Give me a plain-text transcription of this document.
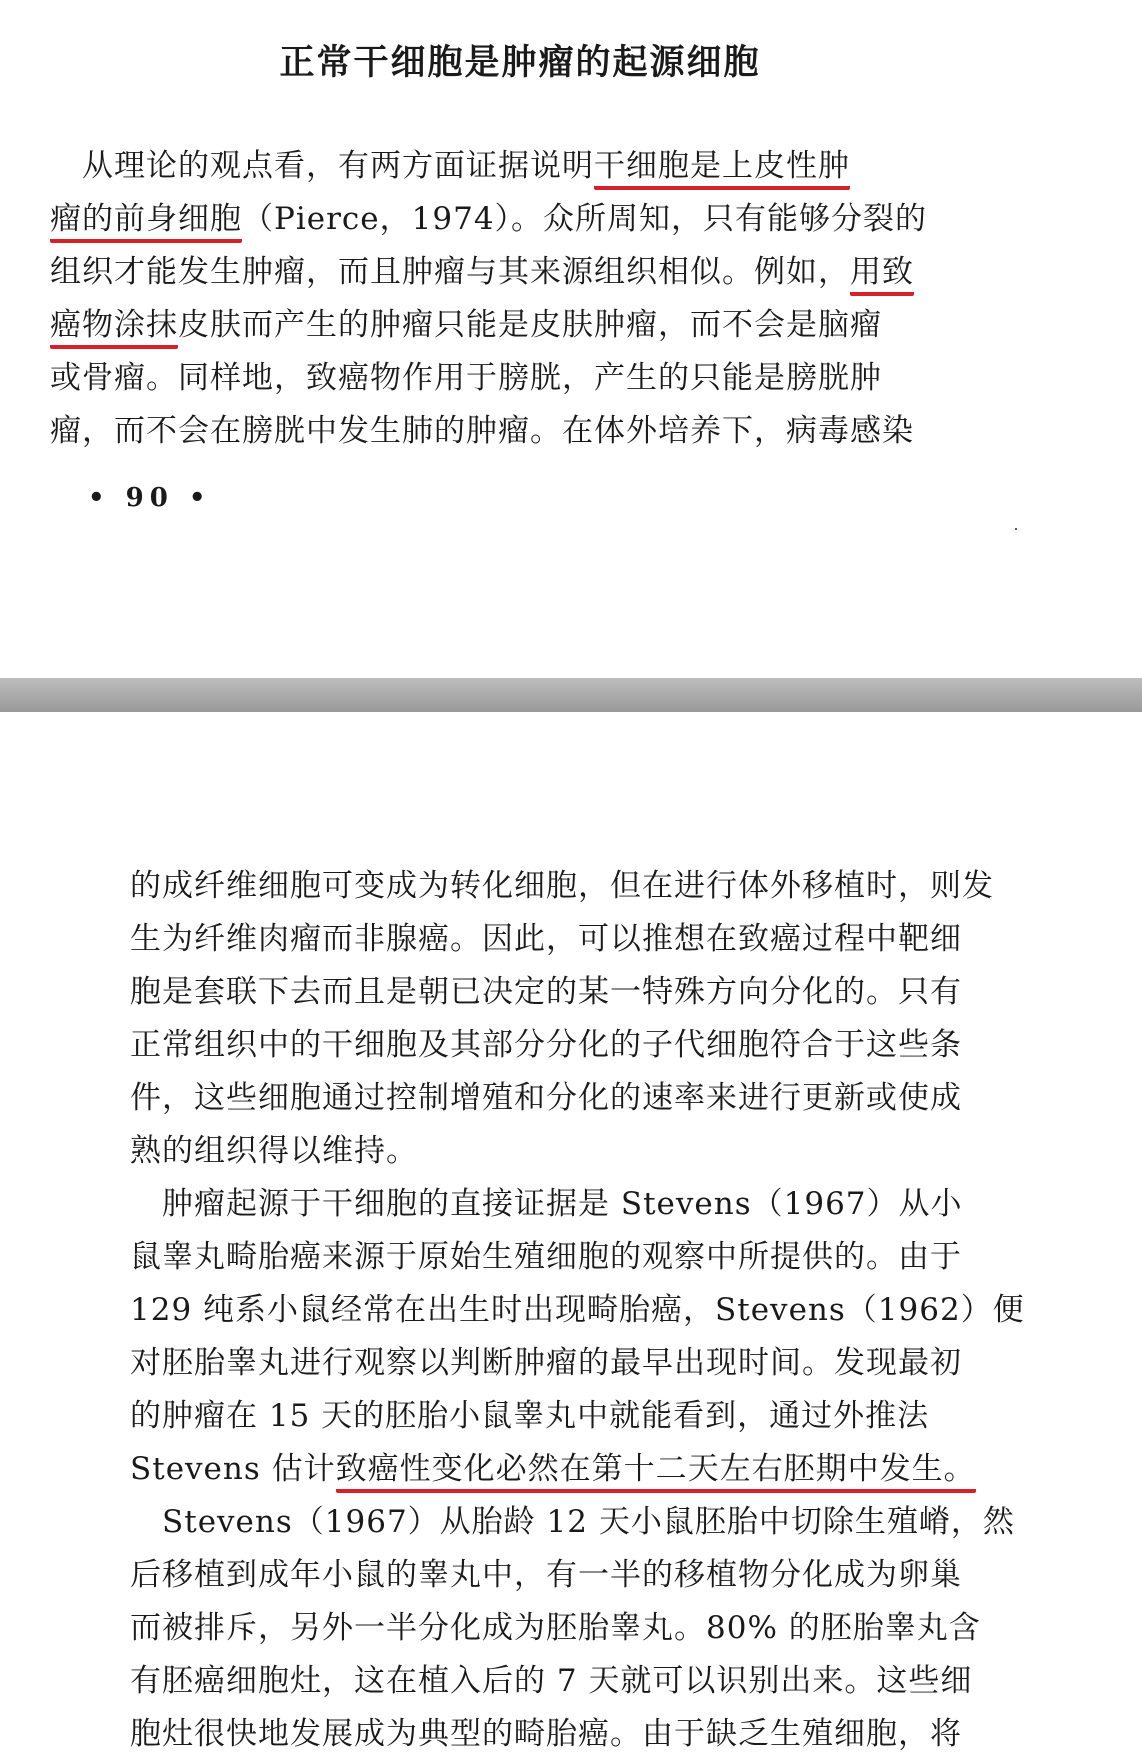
正常干细胞是肿瘤的起源细胞
　从理论的观点看，有两方面证据说明干细胞是上皮性肿
瘤的前身细胞（Pierce，1974）。众所周知，只有能够分裂的
组织才能发生肿瘤，而且肿瘤与其来源组织相似。例如，用致
癌物涂抹皮肤而产生的肿瘤只能是皮肤肿瘤，而不会是脑瘤
或骨瘤。同样地，致癌物作用于膀胱，产生的只能是膀胱肿
瘤，而不会在膀胱中发生肺的肿瘤。在体外培养下，病毒感染
• 90 •
的成纤维细胞可变成为转化细胞，但在进行体外移植时，则发
生为纤维肉瘤而非腺癌。因此，可以推想在致癌过程中靶细
胞是套联下去而且是朝已决定的某一特殊方向分化的。只有
正常组织中的干细胞及其部分分化的子代细胞符合于这些条
件，这些细胞通过控制增殖和分化的速率来进行更新或使成
熟的组织得以维持。
　肿瘤起源于干细胞的直接证据是 Stevens（1967）从小
鼠睾丸畸胎癌来源于原始生殖细胞的观察中所提供的。由于
129 纯系小鼠经常在出生时出现畸胎癌，Stevens（1962）便
对胚胎睾丸进行观察以判断肿瘤的最早出现时间。发现最初
的肿瘤在 15 天的胚胎小鼠睾丸中就能看到，通过外推法
Stevens 估计致癌性变化必然在第十二天左右胚期中发生。
　Stevens（1967）从胎龄 12 天小鼠胚胎中切除生殖嵴，然
后移植到成年小鼠的睾丸中，有一半的移植物分化成为卵巢
而被排斥，另外一半分化成为胚胎睾丸。80% 的胚胎睾丸含
有胚癌细胞灶，这在植入后的 7 天就可以识别出来。这些细
胞灶很快地发展成为典型的畸胎癌。由于缺乏生殖细胞，将
